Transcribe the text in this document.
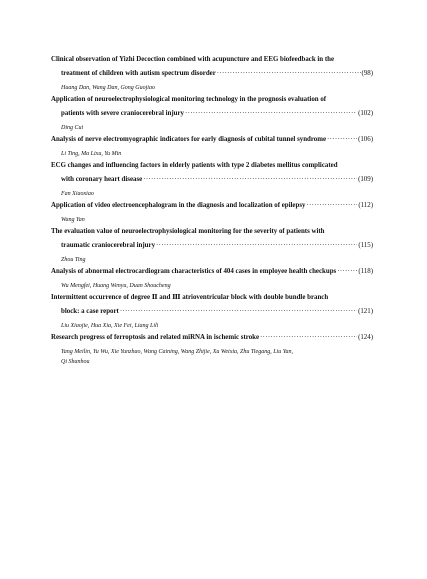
Clinical observation of Yizhi Decoction combined with acupuncture and EEG biofeedback in the
treatment of children with autism spectrum disorder ·····	(98)
Huang Dan, Wang Dan, Gong Guojiao
Application of neuroelectrophysiological monitoring technology in the prognosis evaluation of
patients with severe craniocerebral injury ·····	(102)
Ding Cui
Analysis of nerve electromyographic indicators for early diagnosis of cubital tunnel syndrome ·····	(106)
Li Ting, Ma Lixu, Yu Min
ECG changes and influencing factors in elderly patients with type 2 diabetes mellitus complicated
with coronary heart disease ·····	(109)
Fan Xiaoxiao
Application of video electroencephalogram in the diagnosis and localization of epilepsy ·····	(112)
Wang Yan
The evaluation value of neuroelectrophysiological monitoring for the severity of patients with
traumatic craniocerebral injury ·····	(115)
Zhou Ting
Analysis of abnormal electrocardiogram characteristics of 404 cases in employee health checkups ·····	(118)
Wu Mengfei, Huang Wenyu, Duan Shoucheng
Intermittent occurrence of degree Ⅱ and Ⅲ atrioventricular block with double bundle branch
block: a case report ·····	(121)
Liu Xiaojie, Hua Xia, Xie Fei, Liang Lili
Research progress of ferroptosis and related miRNA in ischemic stroke ·····	(124)
Yang Meilin, Yu Wu, Xie Yunzhao, Wang Caining, Wang Zhijie, Xu Weixia, Zhu Tiegang, Liu Yan,
Qi Shanhou
